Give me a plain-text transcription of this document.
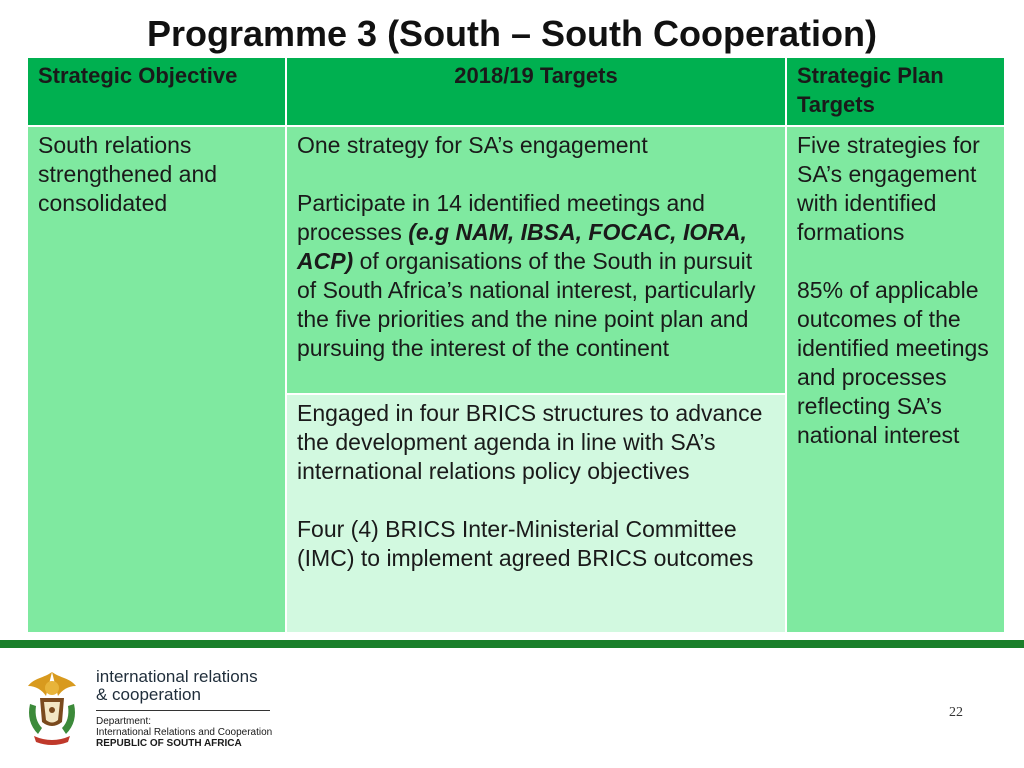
Programme 3 (South – South Cooperation)
Strategic Objective	2018/19 Targets	Strategic Plan Targets
South relations strengthened and consolidated
One strategy for SA’s engagement
Participate in 14 identified meetings and processes (e.g NAM, IBSA, FOCAC, IORA, ACP) of organisations of the South in pursuit of South Africa’s national interest, particularly the five priorities and the nine point plan and pursuing the interest of the continent
Engaged in four BRICS structures to advance the development agenda in line with SA’s international relations policy objectives
Four (4) BRICS Inter-Ministerial Committee (IMC) to implement agreed BRICS outcomes
Five strategies for SA’s engagement with identified formations
85% of applicable outcomes of the identified meetings and processes reflecting SA’s national interest
international relations
& cooperation
Department:
International Relations and Cooperation
REPUBLIC OF SOUTH AFRICA
22
